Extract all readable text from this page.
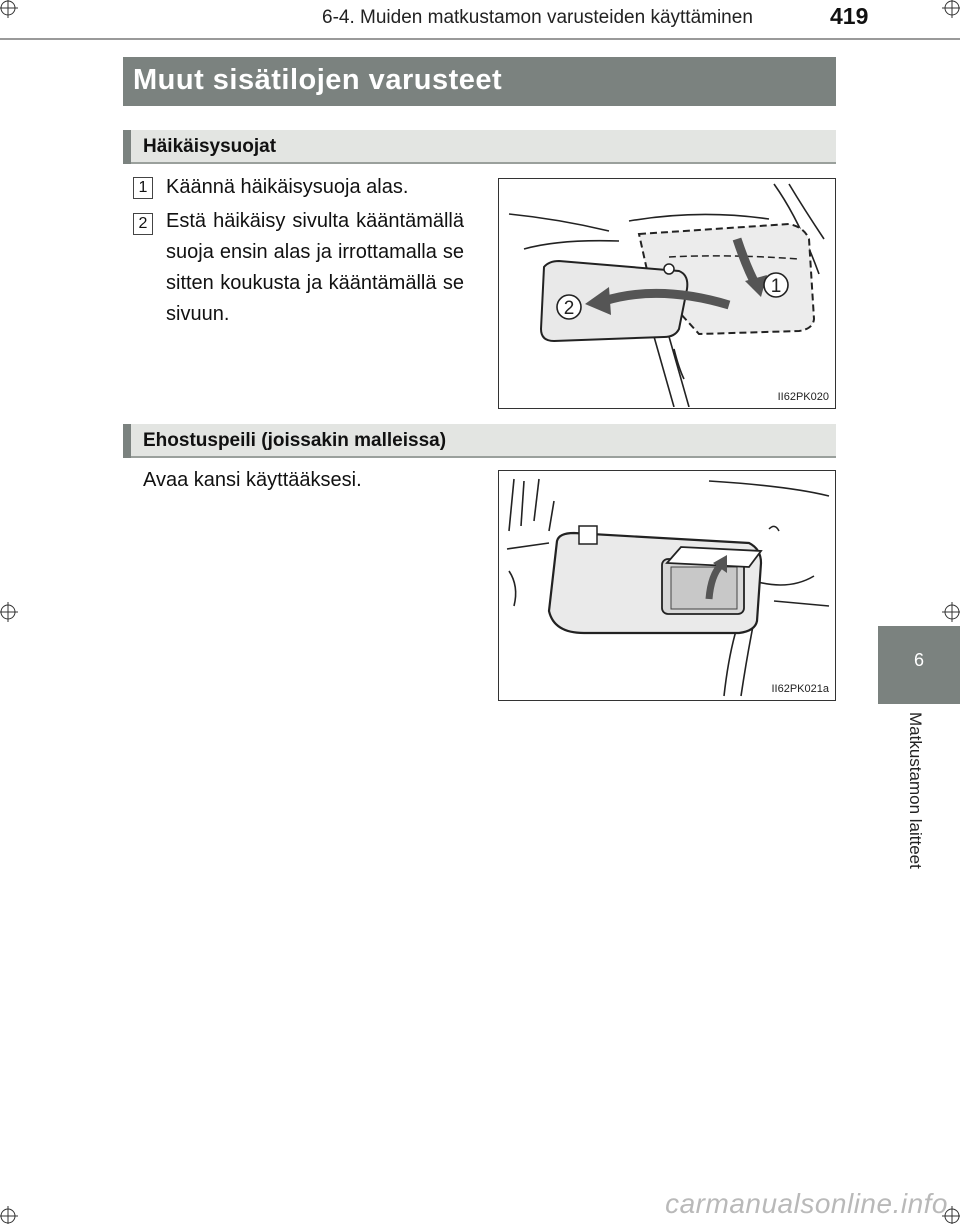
6-4. Muiden matkustamon varusteiden käyttäminen	419
Muut sisätilojen varusteet
Häikäisysuojat
1 Käännä häikäisysuoja alas.
2 Estä häikäisy sivulta kääntämällä suoja ensin alas ja irrottamalla se sitten koukusta ja kääntämällä se sivuun.
1
2
II62PK020
Ehostuspeili (joissakin malleissa)
Avaa kansi käyttääksesi.
II62PK021a
6
Matkustamon laitteet
carmanualsonline.info
